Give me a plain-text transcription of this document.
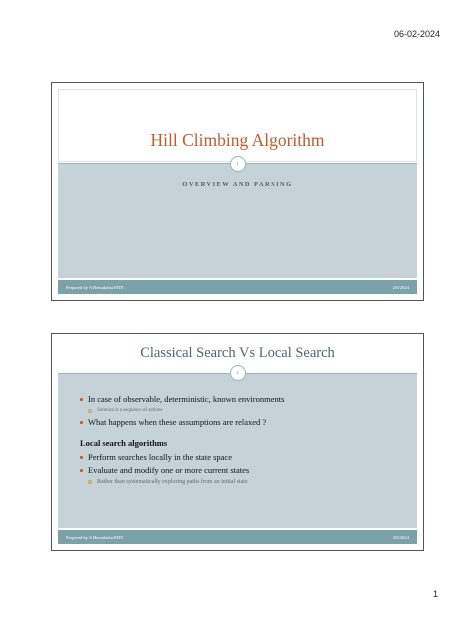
06-02-2024
Hill Climbing Algorithm
1
OVERVIEW AND PARSING
Prepared by S.Hemalatha/MTE	2/6/2024
Classical Search Vs Local Search
2
In case of observable, deterministic, known environments
Solution is a sequence of actions
What happens when these assumptions are relaxed ?
Local search algorithms
Perform searches locally in the state space
Evaluate and modify one or more current states
Rather than systematically exploring paths from an initial state
Prepared by S.Hemalatha/MTE	2/6/2024
1
